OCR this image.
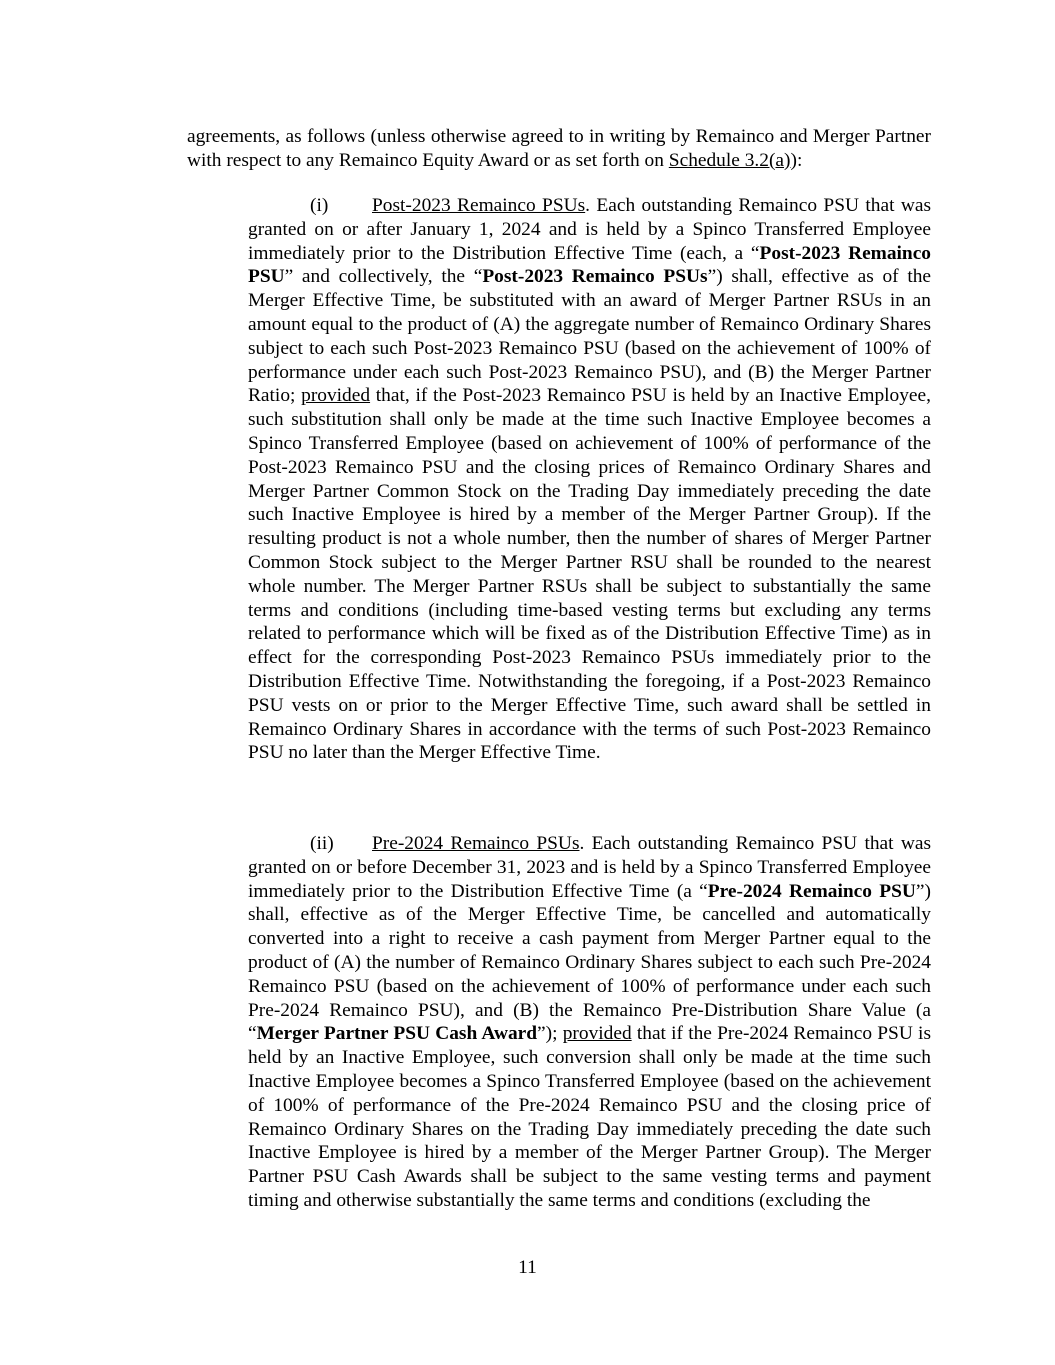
agreements, as follows (unless otherwise agreed to in writing by Remainco and Merger Partner with respect to any Remainco Equity Award or as set forth on Schedule 3.2(a)):

(i) Post-2023 Remainco PSUs. Each outstanding Remainco PSU that was granted on or after January 1, 2024 and is held by a Spinco Transferred Employee immediately prior to the Distribution Effective Time (each, a “Post-2023 Remainco PSU” and collectively, the “Post-2023 Remainco PSUs”) shall, effective as of the Merger Effective Time, be substituted with an award of Merger Partner RSUs in an amount equal to the product of (A) the aggregate number of Remainco Ordinary Shares subject to each such Post-2023 Remainco PSU (based on the achievement of 100% of performance under each such Post-2023 Remainco PSU), and (B) the Merger Partner Ratio; provided that, if the Post-2023 Remainco PSU is held by an Inactive Employee, such substitution shall only be made at the time such Inactive Employee becomes a Spinco Transferred Employee (based on achievement of 100% of performance of the Post-2023 Remainco PSU and the closing prices of Remainco Ordinary Shares and Merger Partner Common Stock on the Trading Day immediately preceding the date such Inactive Employee is hired by a member of the Merger Partner Group). If the resulting product is not a whole number, then the number of shares of Merger Partner Common Stock subject to the Merger Partner RSU shall be rounded to the nearest whole number. The Merger Partner RSUs shall be subject to substantially the same terms and conditions (including time-based vesting terms but excluding any terms related to performance which will be fixed as of the Distribution Effective Time) as in effect for the corresponding Post-2023 Remainco PSUs immediately prior to the Distribution Effective Time. Notwithstanding the foregoing, if a Post-2023 Remainco PSU vests on or prior to the Merger Effective Time, such award shall be settled in Remainco Ordinary Shares in accordance with the terms of such Post-2023 Remainco PSU no later than the Merger Effective Time.

(ii) Pre-2024 Remainco PSUs. Each outstanding Remainco PSU that was granted on or before December 31, 2023 and is held by a Spinco Transferred Employee immediately prior to the Distribution Effective Time (a “Pre-2024 Remainco PSU”) shall, effective as of the Merger Effective Time, be cancelled and automatically converted into a right to receive a cash payment from Merger Partner equal to the product of (A) the number of Remainco Ordinary Shares subject to each such Pre-2024 Remainco PSU (based on the achievement of 100% of performance under each such Pre-2024 Remainco PSU), and (B) the Remainco Pre-Distribution Share Value (a “Merger Partner PSU Cash Award”); provided that if the Pre-2024 Remainco PSU is held by an Inactive Employee, such conversion shall only be made at the time such Inactive Employee becomes a Spinco Transferred Employee (based on the achievement of 100% of performance of the Pre-2024 Remainco PSU and the closing price of Remainco Ordinary Shares on the Trading Day immediately preceding the date such Inactive Employee is hired by a member of the Merger Partner Group). The Merger Partner PSU Cash Awards shall be subject to the same vesting terms and payment timing and otherwise substantially the same terms and conditions (excluding the

11
